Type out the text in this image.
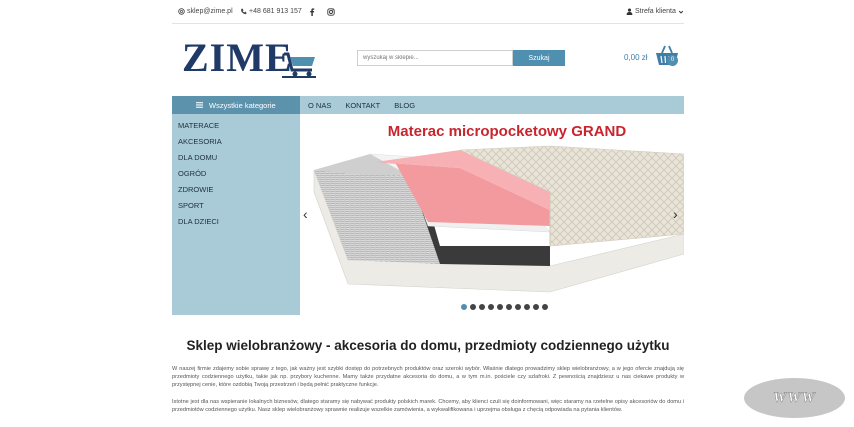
sklep@zime.pl +48 681 913 157	Strefa klienta
ZIME
wyszukaj w sklepie...	Szukaj	0,00 zł	0
Wszystkie kategorie	O NAS KONTAKT BLOG
MATERACE
AKCESORIA
DLA DOMU
OGRÓD
ZDROWIE
SPORT
DLA DZIECI
Materac micropocketowy GRAND
‹	›
Sklep wielobranżowy - akcesoria do domu, przedmioty codziennego użytku

W naszej firmie zdajemy sobie sprawę z tego, jak ważny jest szybki dostęp do potrzebnych produktów oraz szeroki wybór. Właśnie dlatego prowadzimy sklep wielobranżowy, a w jego ofercie znajdują się przedmioty codziennego użytku, takie jak np. przybory kuchenne. Mamy także przydatne akcesoria do domu, a w tym m.in. pościele czy szlafroki. Z pewnością znajdziesz u nas ciekawe produkty w przystępnej cenie, które ozdobią Twoją przestrzeń i będą pełnić praktyczne funkcje.

Istotne jest dla nas wspieranie lokalnych biznesów, dlatego staramy się nabywać produkty polskich marek. Chcemy, aby klienci czuli się doinformowani, więc staramy na rzetelne opisy akcesoriów do domu i przedmiotów codziennego użytku. Nasz sklep wielobranżowy sprawnie realizuje wszelkie zamówienia, a wykwalifikowana i uprzejma obsługa z chęcią odpowiada na pytania klientów.

WWW
